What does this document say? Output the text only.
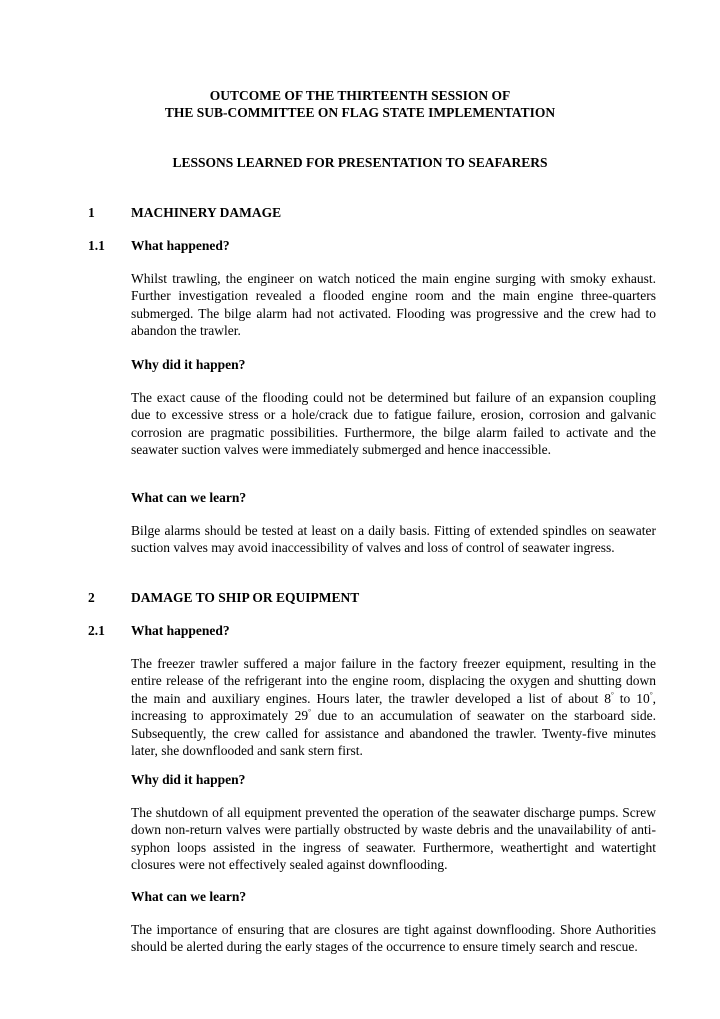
OUTCOME OF THE THIRTEENTH SESSION OF
THE SUB-COMMITTEE ON FLAG STATE IMPLEMENTATION
LESSONS LEARNED FOR PRESENTATION TO SEAFARERS
1	MACHINERY DAMAGE
1.1 What happened?
Whilst trawling, the engineer on watch noticed the main engine surging with smoky exhaust. Further investigation revealed a flooded engine room and the main engine three-quarters submerged. The bilge alarm had not activated. Flooding was progressive and the crew had to abandon the trawler.
Why did it happen?
The exact cause of the flooding could not be determined but failure of an expansion coupling due to excessive stress or a hole/crack due to fatigue failure, erosion, corrosion and galvanic corrosion are pragmatic possibilities. Furthermore, the bilge alarm failed to activate and the seawater suction valves were immediately submerged and hence inaccessible.
What can we learn?
Bilge alarms should be tested at least on a daily basis. Fitting of extended spindles on seawater suction valves may avoid inaccessibility of valves and loss of control of seawater ingress.
2	DAMAGE TO SHIP OR EQUIPMENT
2.1 What happened?
The freezer trawler suffered a major failure in the factory freezer equipment, resulting in the entire release of the refrigerant into the engine room, displacing the oxygen and shutting down the main and auxiliary engines. Hours later, the trawler developed a list of about 8° to 10°, increasing to approximately 29° due to an accumulation of seawater on the starboard side. Subsequently, the crew called for assistance and abandoned the trawler. Twenty-five minutes later, she downflooded and sank stern first.
Why did it happen?
The shutdown of all equipment prevented the operation of the seawater discharge pumps. Screw down non-return valves were partially obstructed by waste debris and the unavailability of anti-syphon loops assisted in the ingress of seawater. Furthermore, weathertight and watertight closures were not effectively sealed against downflooding.
What can we learn?
The importance of ensuring that are closures are tight against downflooding. Shore Authorities should be alerted during the early stages of the occurrence to ensure timely search and rescue.
